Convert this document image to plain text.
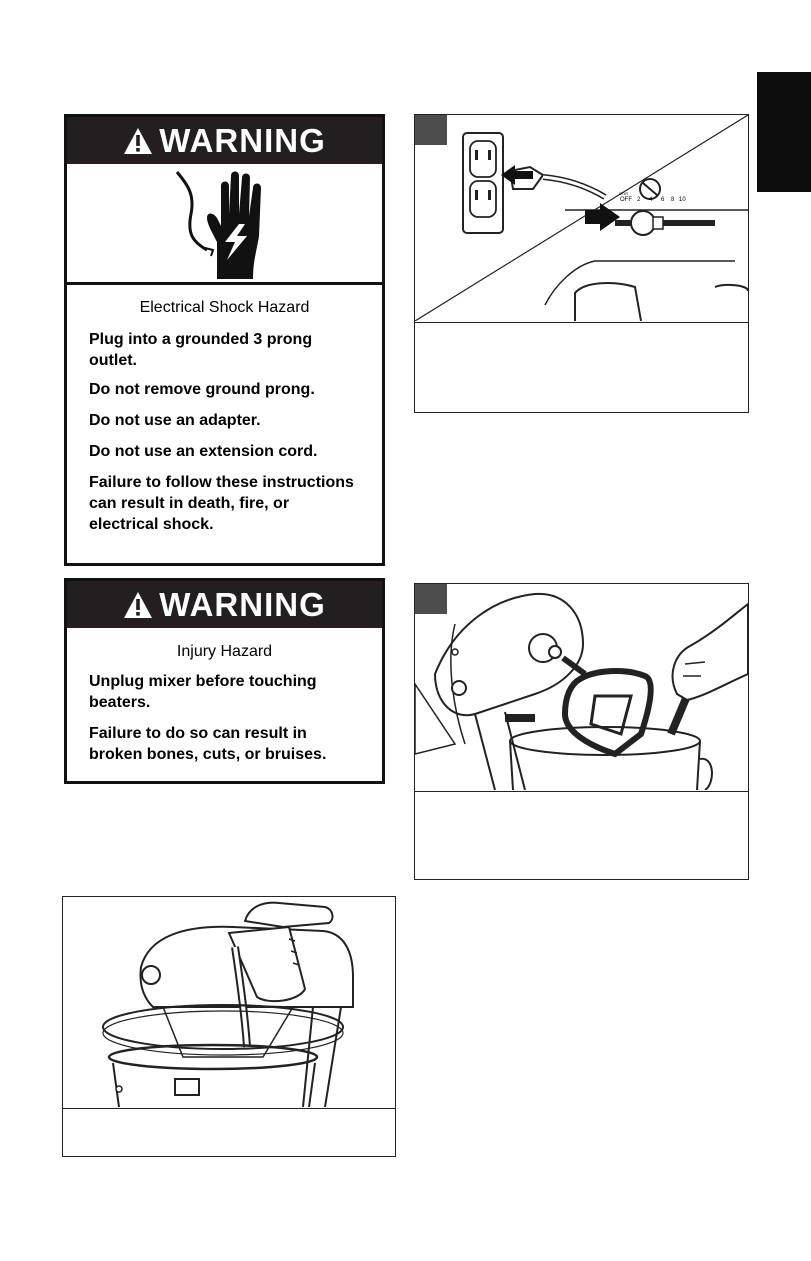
WARNING

Electrical Shock Hazard

Plug into a grounded 3 prong outlet.

Do not remove ground prong.

Do not use an adapter.

Do not use an extension cord.

Failure to follow these instructions can result in death, fire, or electrical shock.

OFF
STIR
2 4 6 8 10
WARNING

Injury Hazard

Unplug mixer before touching beaters.

Failure to do so can result in broken bones, cuts, or bruises.
